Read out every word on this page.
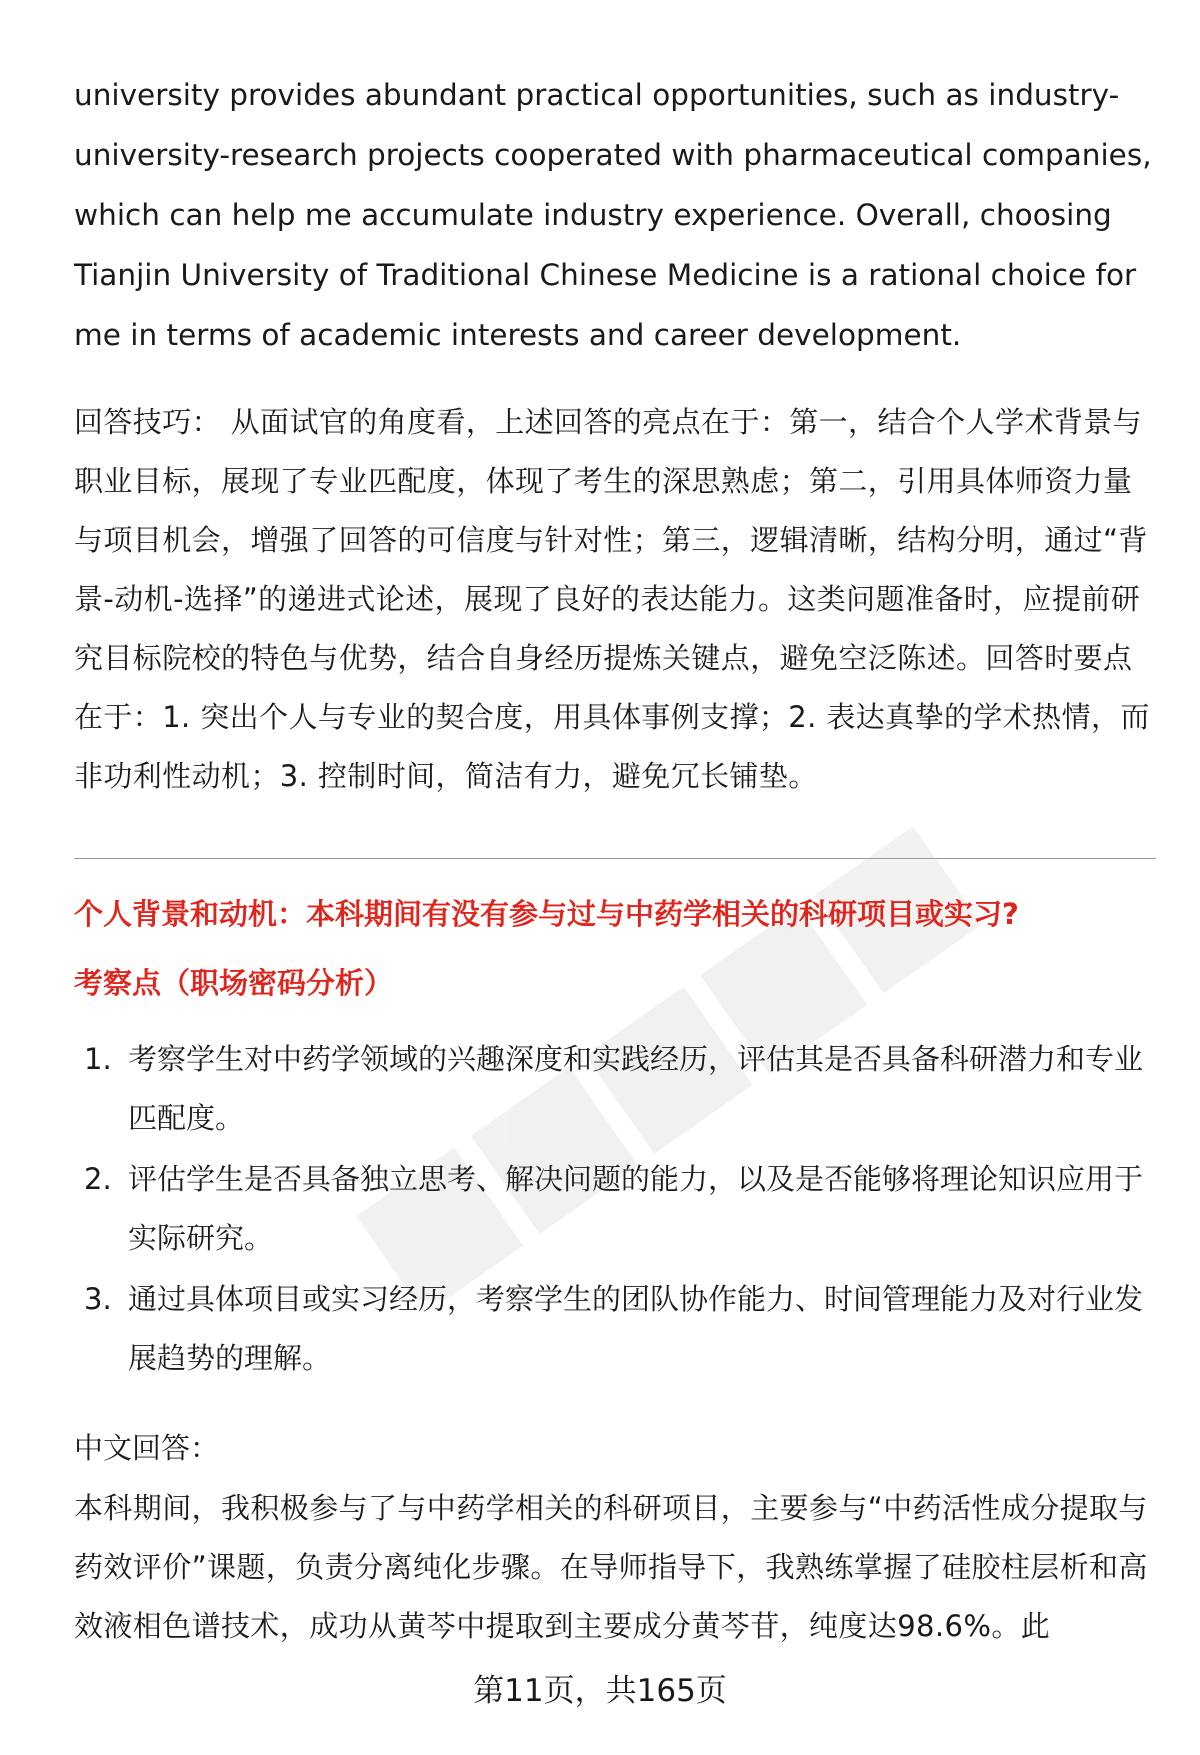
university provides abundant practical opportunities, such as industry-university-research projects cooperated with pharmaceutical companies, which can help me accumulate industry experience. Overall, choosing Tianjin University of Traditional Chinese Medicine is a rational choice for me in terms of academic interests and career development.

回答技巧： 从面试官的角度看，上述回答的亮点在于：第一，结合个人学术背景与职业目标，展现了专业匹配度，体现了考生的深思熟虑；第二，引用具体师资力量与项目机会，增强了回答的可信度与针对性；第三，逻辑清晰，结构分明，通过“背景-动机-选择”的递进式论述，展现了良好的表达能力。这类问题准备时，应提前研究目标院校的特色与优势，结合自身经历提炼关键点，避免空泛陈述。回答时要点在于：1. 突出个人与专业的契合度，用具体事例支撑；2. 表达真挚的学术热情，而非功利性动机；3. 控制时间，简洁有力，避免冗长铺垫。

个人背景和动机：本科期间有没有参与过与中药学相关的科研项目或实习?
考察点（职场密码分析）
1. 考察学生对中药学领域的兴趣深度和实践经历，评估其是否具备科研潜力和专业匹配度。
2. 评估学生是否具备独立思考、解决问题的能力，以及是否能够将理论知识应用于实际研究。
3. 通过具体项目或实习经历，考察学生的团队协作能力、时间管理能力及对行业发展趋势的理解。

中文回答：

本科期间，我积极参与了与中药学相关的科研项目，主要参与“中药活性成分提取与药效评价”课题，负责分离纯化步骤。在导师指导下，我熟练掌握了硅胶柱层析和高效液相色谱技术，成功从黄芩中提取到主要成分黄芩苷，纯度达98.6%。此

第11页，共165页
